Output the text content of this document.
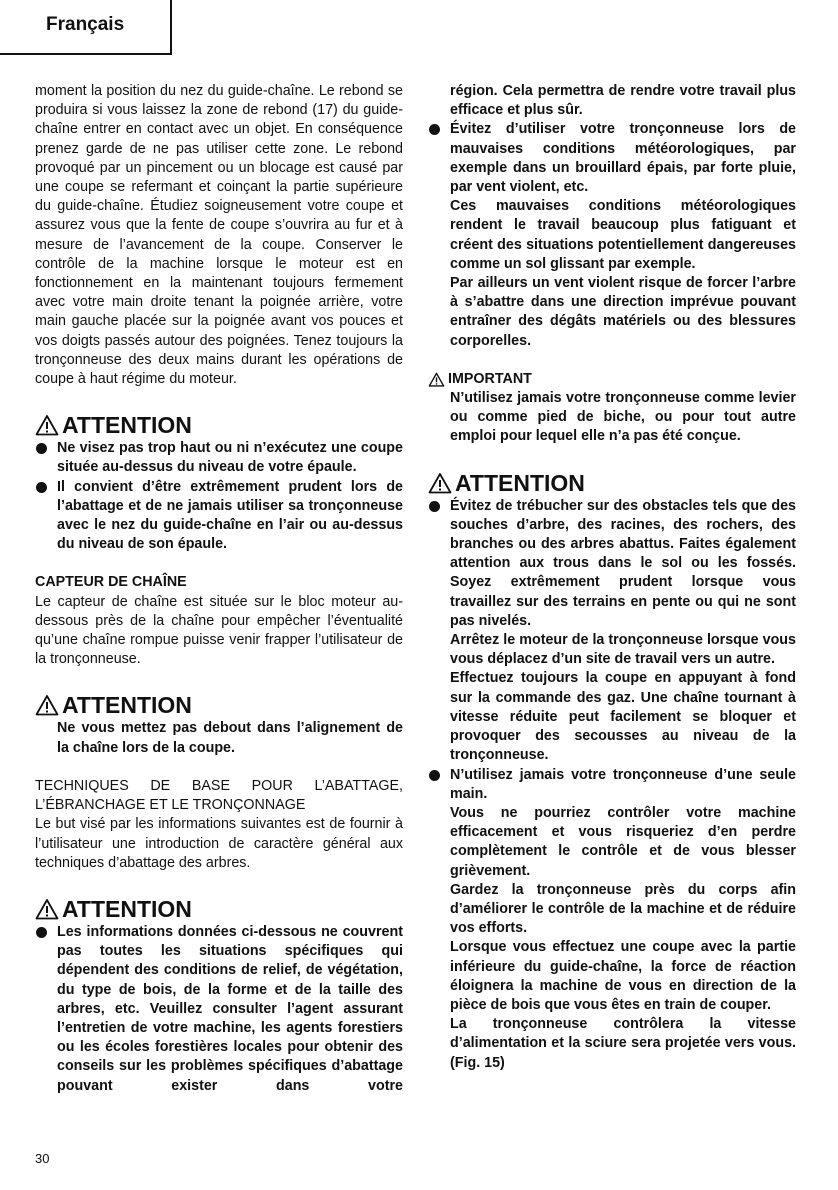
Français

moment la position du nez du guide-chaîne. Le rebond se produira si vous laissez la zone de rebond (17) du guide-chaîne entrer en contact avec un objet. En conséquence prenez garde de ne pas utiliser cette zone. Le rebond provoqué par un pincement ou un blocage est causé par une coupe se refermant et coinçant la partie supérieure du guide-chaîne. Étudiez soigneusement votre coupe et assurez vous que la fente de coupe s’ouvrira au fur et à mesure de l’avancement de la coupe. Conserver le contrôle de la machine lorsque le moteur est en fonctionnement en la maintenant toujours fermement avec votre main droite tenant la poignée arrière, votre main gauche placée sur la poignée avant vos pouces et vos doigts passés autour des poignées. Tenez toujours la tronçonneuse des deux mains durant les opérations de coupe à haut régime du moteur.

ATTENTION
Ne visez pas trop haut ou ni n’exécutez une coupe située au-dessus du niveau de votre épaule.
Il convient d’être extrêmement prudent lors de l’abattage et de ne jamais utiliser sa tronçonneuse avec le nez du guide-chaîne en l’air ou au-dessus du niveau de son épaule.
CAPTEUR DE CHAÎNE

Le capteur de chaîne est située sur le bloc moteur au-dessous près de la chaîne pour empêcher l’éventualité qu’une chaîne rompue puisse venir frapper l’utilisateur de la tronçonneuse.

ATTENTION

Ne vous mettez pas debout dans l’alignement de la chaîne lors de la coupe.

TECHNIQUES DE BASE POUR L’ABATTAGE,

L’ÉBRANCHAGE ET LE TRONÇONNAGE

Le but visé par les informations suivantes est de fournir à l’utilisateur une introduction de caractère général aux techniques d’abattage des arbres.

ATTENTION
Les informations données ci-dessous ne couvrent pas toutes les situations spécifiques qui dépendent des conditions de relief, de végétation, du type de bois, de la forme et de la taille des arbres, etc. Veuillez consulter l’agent assurant l’entretien de votre machine, les agents forestiers ou les écoles forestières locales pour obtenir des conseils sur les problèmes spécifiques d’abattage pouvant exister dans votre

région. Cela permettra de rendre votre travail plus efficace et plus sûr.

Évitez d’utiliser votre tronçonneuse lors de mauvaises conditions météorologiques, par exemple dans un brouillard épais, par forte pluie, par vent violent, etc.

Ces mauvaises conditions météorologiques rendent le travail beaucoup plus fatiguant et créent des situations potentiellement dangereuses comme un sol glissant par exemple.

Par ailleurs un vent violent risque de forcer l’arbre à s’abattre dans une direction imprévue pouvant entraîner des dégâts matériels ou des blessures corporelles.

IMPORTANT

N’utilisez jamais votre tronçonneuse comme levier ou comme pied de biche, ou pour tout autre emploi pour lequel elle n’a pas été conçue.

ATTENTION
Évitez de trébucher sur des obstacles tels que des souches d’arbre, des racines, des rochers, des branches ou des arbres abattus. Faites également attention aux trous dans le sol ou les fossés. Soyez extrêmement prudent lorsque vous travaillez sur des terrains en pente ou qui ne sont pas nivelés.

Arrêtez le moteur de la tronçonneuse lorsque vous vous déplacez d’un site de travail vers un autre.

Effectuez toujours la coupe en appuyant à fond sur la commande des gaz. Une chaîne tournant à vitesse réduite peut facilement se bloquer et provoquer des secousses au niveau de la tronçonneuse.

N’utilisez jamais votre tronçonneuse d’une seule main.

Vous ne pourriez contrôler votre machine efficacement et vous risqueriez d’en perdre complètement le contrôle et de vous blesser grièvement.

Gardez la tronçonneuse près du corps afin d’améliorer le contrôle de la machine et de réduire vos efforts.

Lorsque vous effectuez une coupe avec la partie inférieure du guide-chaîne, la force de réaction éloignera la machine de vous en direction de la pièce de bois que vous êtes en train de couper.

La tronçonneuse contrôlera la vitesse d’alimentation et la sciure sera projetée vers vous. (Fig. 15)

30
